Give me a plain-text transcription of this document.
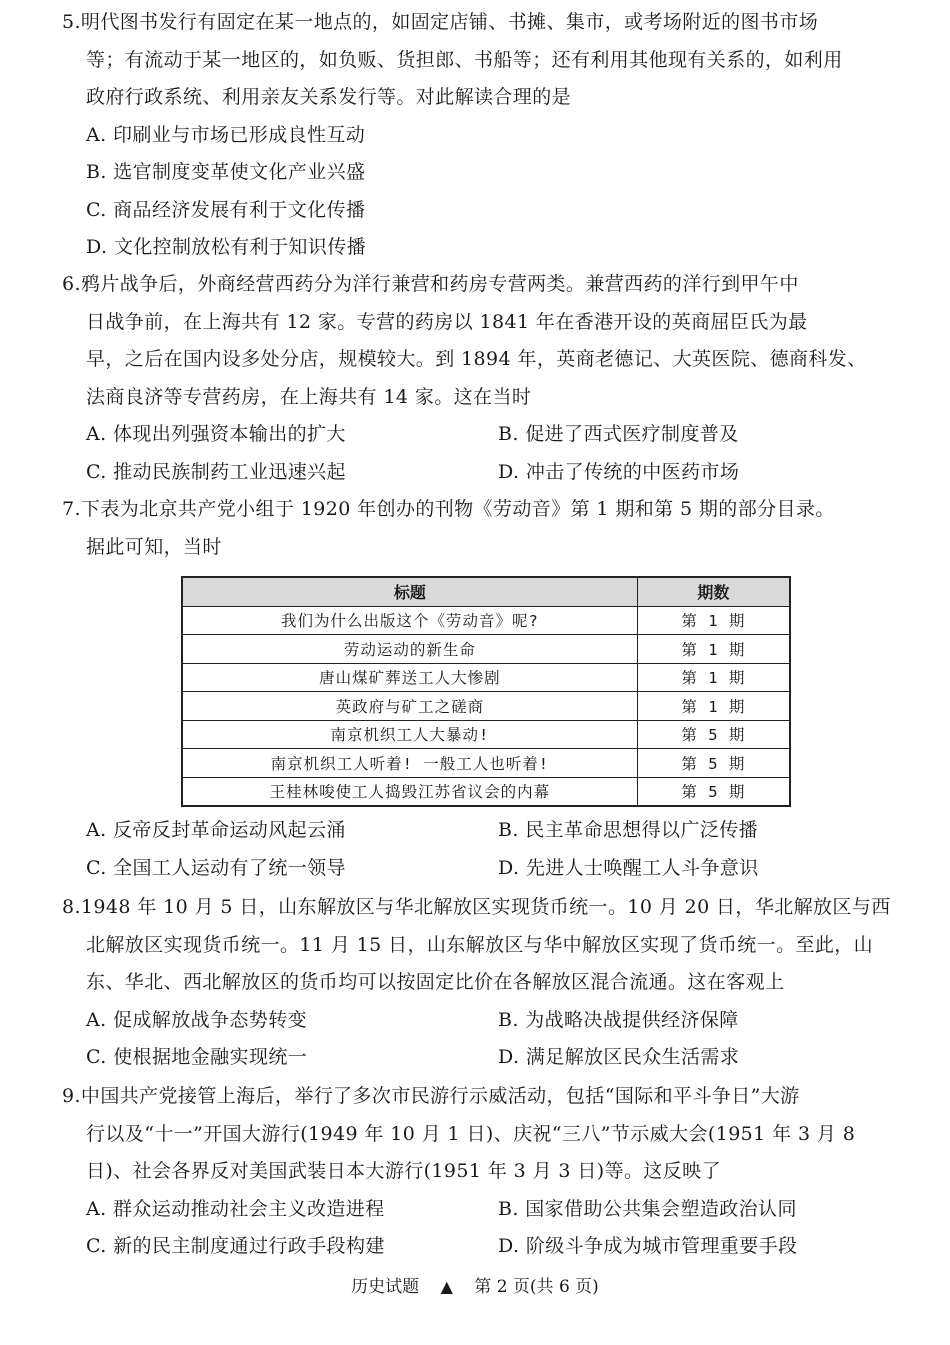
5.明代图书发行有固定在某一地点的，如固定店铺、书摊、集市，或考场附近的图书市场
等；有流动于某一地区的，如负贩、货担郎、书船等；还有利用其他现有关系的，如利用
政府行政系统、利用亲友关系发行等。对此解读合理的是
A. 印刷业与市场已形成良性互动
B. 选官制度变革使文化产业兴盛
C. 商品经济发展有利于文化传播
D. 文化控制放松有利于知识传播
6.鸦片战争后，外商经营西药分为洋行兼营和药房专营两类。兼营西药的洋行到甲午中
日战争前，在上海共有 12 家。专营的药房以 1841 年在香港开设的英商屈臣氏为最
早，之后在国内设多处分店，规模较大。到 1894 年，英商老德记、大英医院、德商科发、
法商良济等专营药房，在上海共有 14 家。这在当时
A. 体现出列强资本输出的扩大	B. 促进了西式医疗制度普及
C. 推动民族制药工业迅速兴起	D. 冲击了传统的中医药市场
7.下表为北京共产党小组于 1920 年创办的刊物《劳动音》第 1 期和第 5 期的部分目录。
据此可知，当时
标题	期数
我们为什么出版这个《劳动音》呢?	第 1 期
劳动运动的新生命	第 1 期
唐山煤矿葬送工人大惨剧	第 1 期
英政府与矿工之磋商	第 1 期
南京机织工人大暴动!	第 5 期
南京机织工人听着! 一般工人也听着!	第 5 期
王桂林唆使工人捣毁江苏省议会的内幕	第 5 期
A. 反帝反封革命运动风起云涌	B. 民主革命思想得以广泛传播
C. 全国工人运动有了统一领导	D. 先进人士唤醒工人斗争意识
8.1948 年 10 月 5 日，山东解放区与华北解放区实现货币统一。10 月 20 日，华北解放区与西
北解放区实现货币统一。11 月 15 日，山东解放区与华中解放区实现了货币统一。至此，山
东、华北、西北解放区的货币均可以按固定比价在各解放区混合流通。这在客观上
A. 促成解放战争态势转变	B. 为战略决战提供经济保障
C. 使根据地金融实现统一	D. 满足解放区民众生活需求
9.中国共产党接管上海后，举行了多次市民游行示威活动，包括“国际和平斗争日”大游
行以及“十一”开国大游行(1949 年 10 月 1 日)、庆祝“三八”节示威大会(1951 年 3 月 8
日)、社会各界反对美国武装日本大游行(1951 年 3 月 3 日)等。这反映了
A. 群众运动推动社会主义改造进程	B. 国家借助公共集会塑造政治认同
C. 新的民主制度通过行政手段构建	D. 阶级斗争成为城市管理重要手段
历史试题 ▲ 第 2 页(共 6 页)
